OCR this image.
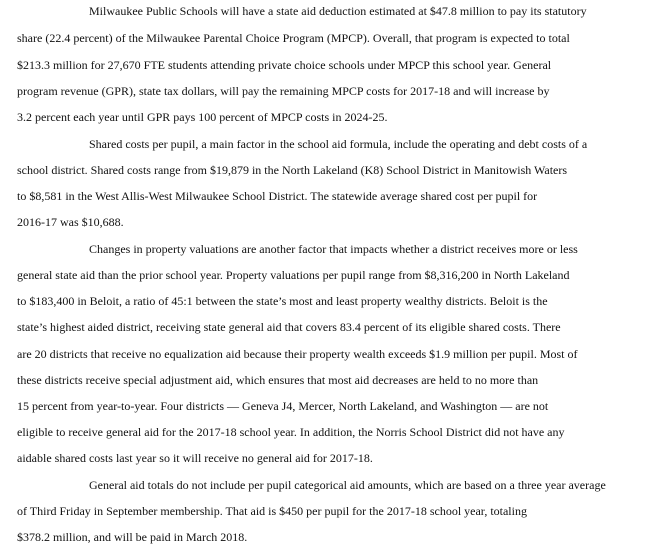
Milwaukee Public Schools will have a state aid deduction estimated at $47.8 million to pay its statutory
share (22.4 percent) of the Milwaukee Parental Choice Program (MPCP). Overall, that program is expected to total
$213.3 million for 27,670 FTE students attending private choice schools under MPCP this school year. General
program revenue (GPR), state tax dollars, will pay the remaining MPCP costs for 2017-18 and will increase by
3.2 percent each year until GPR pays 100 percent of MPCP costs in 2024-25.
Shared costs per pupil, a main factor in the school aid formula, include the operating and debt costs of a
school district. Shared costs range from $19,879 in the North Lakeland (K8) School District in Manitowish Waters
to $8,581 in the West Allis-West Milwaukee School District. The statewide average shared cost per pupil for
2016-17 was $10,688.
Changes in property valuations are another factor that impacts whether a district receives more or less
general state aid than the prior school year. Property valuations per pupil range from $8,316,200 in North Lakeland
to $183,400 in Beloit, a ratio of 45:1 between the state’s most and least property wealthy districts. Beloit is the
state’s highest aided district, receiving state general aid that covers 83.4 percent of its eligible shared costs. There
are 20 districts that receive no equalization aid because their property wealth exceeds $1.9 million per pupil. Most of
these districts receive special adjustment aid, which ensures that most aid decreases are held to no more than
15 percent from year-to-year. Four districts — Geneva J4, Mercer, North Lakeland, and Washington — are not
eligible to receive general aid for the 2017-18 school year. In addition, the Norris School District did not have any
aidable shared costs last year so it will receive no general aid for 2017-18.
General aid totals do not include per pupil categorical aid amounts, which are based on a three year average
of Third Friday in September membership. That aid is $450 per pupil for the 2017-18 school year, totaling
$378.2 million, and will be paid in March 2018.
